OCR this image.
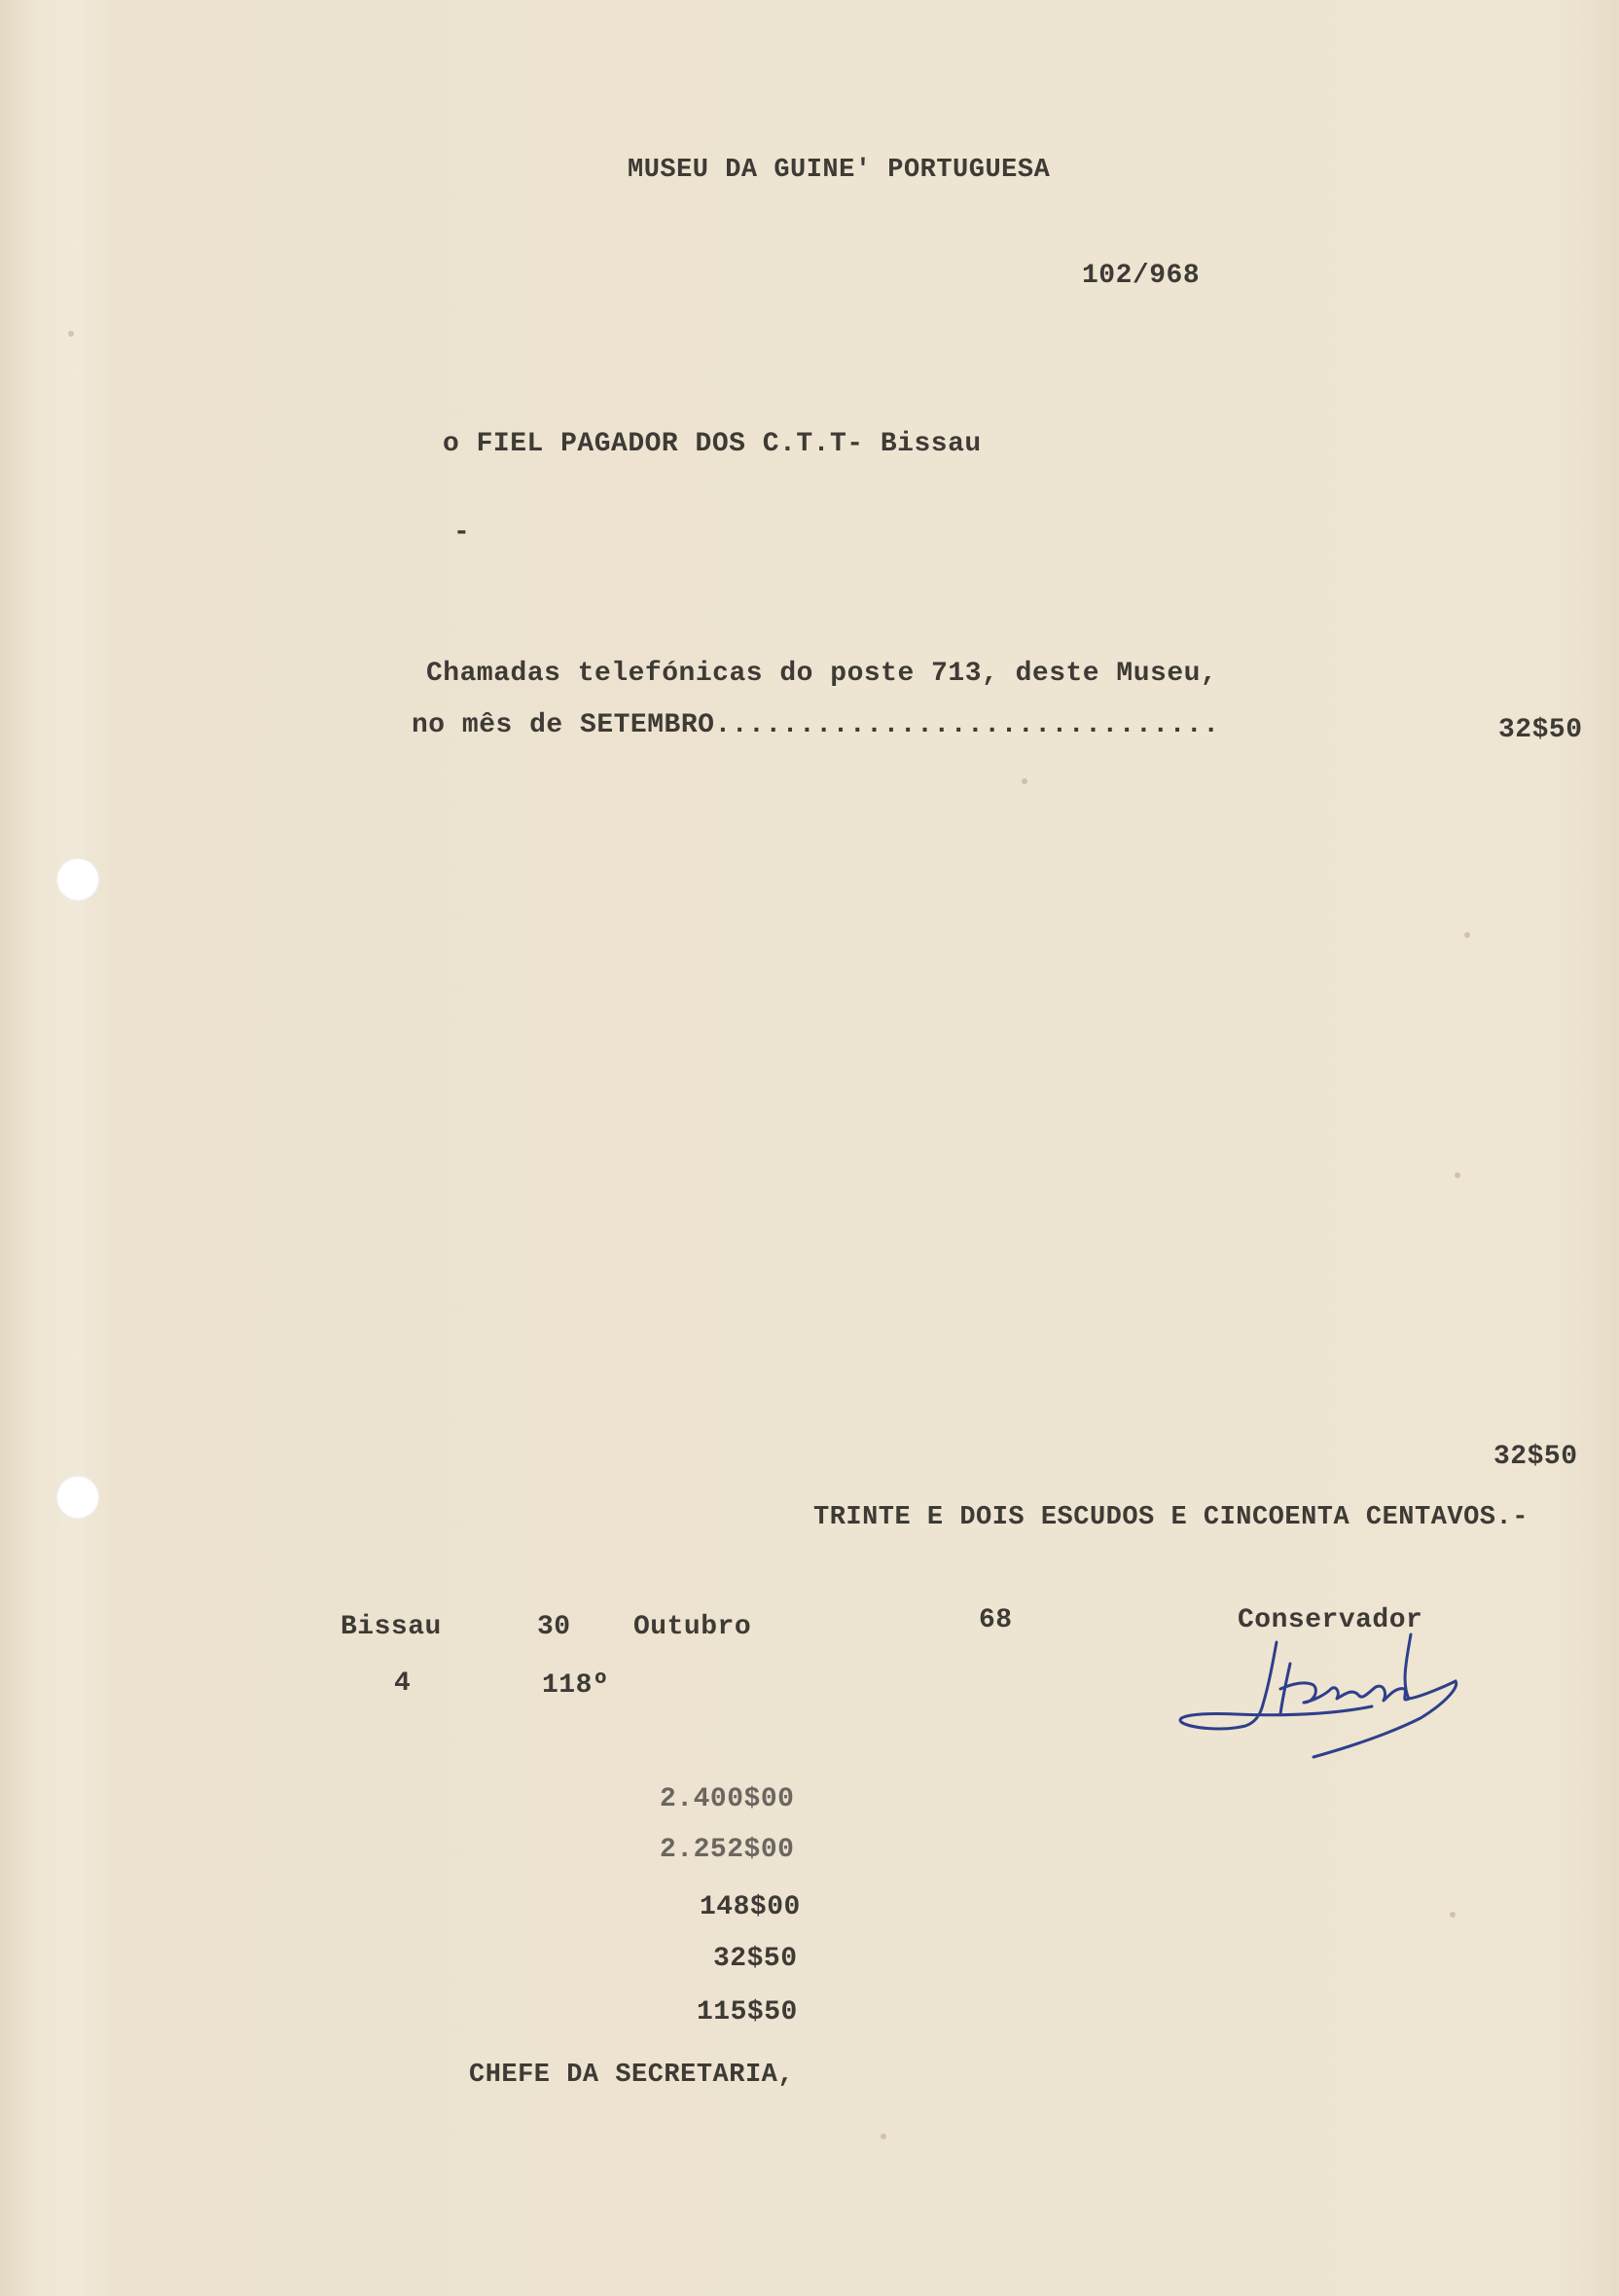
MUSEU DA GUINE' PORTUGUESA
102/968
o FIEL PAGADOR DOS C.T.T- Bissau
-
Chamadas telefónicas do poste 713, deste Museu,
no mês de SETEMBRO..............................	32$50
32$50
TRINTE E DOIS ESCUDOS E CINCOENTA CENTAVOS.-
Bissau	30 Outubro	68
4	118º
Conservador
2.400$00
2.252$00
148$00
32$50
115$50
CHEFE DA SECRETARIA,
